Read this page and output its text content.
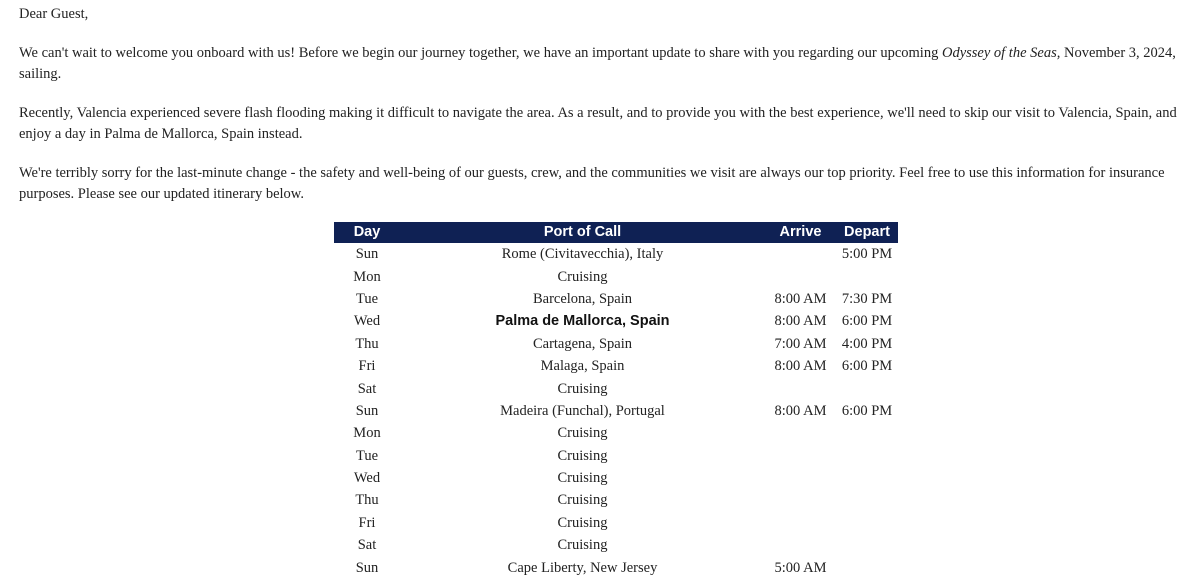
Dear Guest,

We can't wait to welcome you onboard with us! Before we begin our journey together, we have an important update to share with you regarding our upcoming Odyssey of the Seas, November 3, 2024, sailing.

Recently, Valencia experienced severe flash flooding making it difficult to navigate the area. As a result, and to provide you with the best experience, we'll need to skip our visit to Valencia, Spain, and enjoy a day in Palma de Mallorca, Spain instead.

We're terribly sorry for the last-minute change - the safety and well-being of our guests, crew, and the communities we visit are always our top priority. Feel free to use this information for insurance purposes. Please see our updated itinerary below.

Day	Port of Call	Arrive	Depart
Sun	Rome (Civitavecchia), Italy		5:00 PM
Mon	Cruising		
Tue	Barcelona, Spain	8:00 AM	7:30 PM
Wed	Palma de Mallorca, Spain	8:00 AM	6:00 PM
Thu	Cartagena, Spain	7:00 AM	4:00 PM
Fri	Malaga, Spain	8:00 AM	6:00 PM
Sat	Cruising		
Sun	Madeira (Funchal), Portugal	8:00 AM	6:00 PM
Mon	Cruising		
Tue	Cruising		
Wed	Cruising		
Thu	Cruising		
Fri	Cruising		
Sat	Cruising		
Sun	Cape Liberty, New Jersey	5:00 AM	
